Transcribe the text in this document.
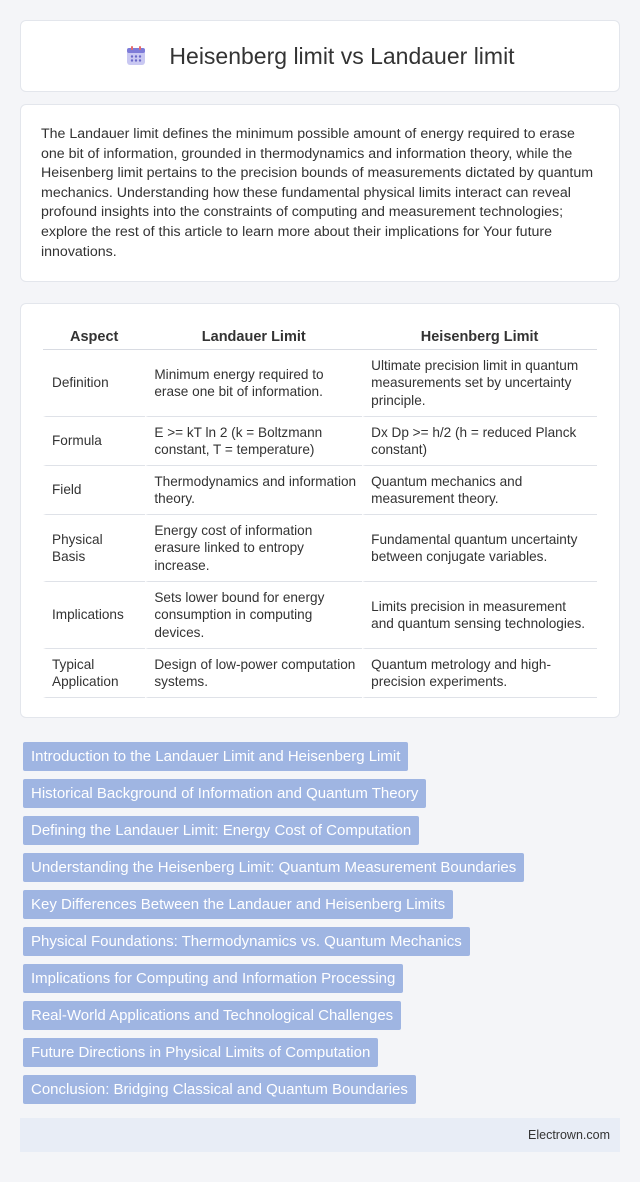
Heisenberg limit vs Landauer limit

The Landauer limit defines the minimum possible amount of energy required to erase one bit of information, grounded in thermodynamics and information theory, while the Heisenberg limit pertains to the precision bounds of measurements dictated by quantum mechanics. Understanding how these fundamental physical limits interact can reveal profound insights into the constraints of computing and measurement technologies; explore the rest of this article to learn more about their implications for Your future innovations.

Aspect	Landauer Limit	Heisenberg Limit
Definition	Minimum energy required to erase one bit of information.	Ultimate precision limit in quantum measurements set by uncertainty principle.
Formula	E >= kT ln 2 (k = Boltzmann constant, T = temperature)	Dx Dp >= h/2 (h = reduced Planck constant)
Field	Thermodynamics and information theory.	Quantum mechanics and measurement theory.
Physical Basis	Energy cost of information erasure linked to entropy increase.	Fundamental quantum uncertainty between conjugate variables.
Implications	Sets lower bound for energy consumption in computing devices.	Limits precision in measurement and quantum sensing technologies.
Typical Application	Design of low-power computation systems.	Quantum metrology and high-precision experiments.
Introduction to the Landauer Limit and Heisenberg Limit
Historical Background of Information and Quantum Theory
Defining the Landauer Limit: Energy Cost of Computation
Understanding the Heisenberg Limit: Quantum Measurement Boundaries
Key Differences Between the Landauer and Heisenberg Limits
Physical Foundations: Thermodynamics vs. Quantum Mechanics
Implications for Computing and Information Processing
Real-World Applications and Technological Challenges
Future Directions in Physical Limits of Computation
Conclusion: Bridging Classical and Quantum Boundaries
Electrown.com
